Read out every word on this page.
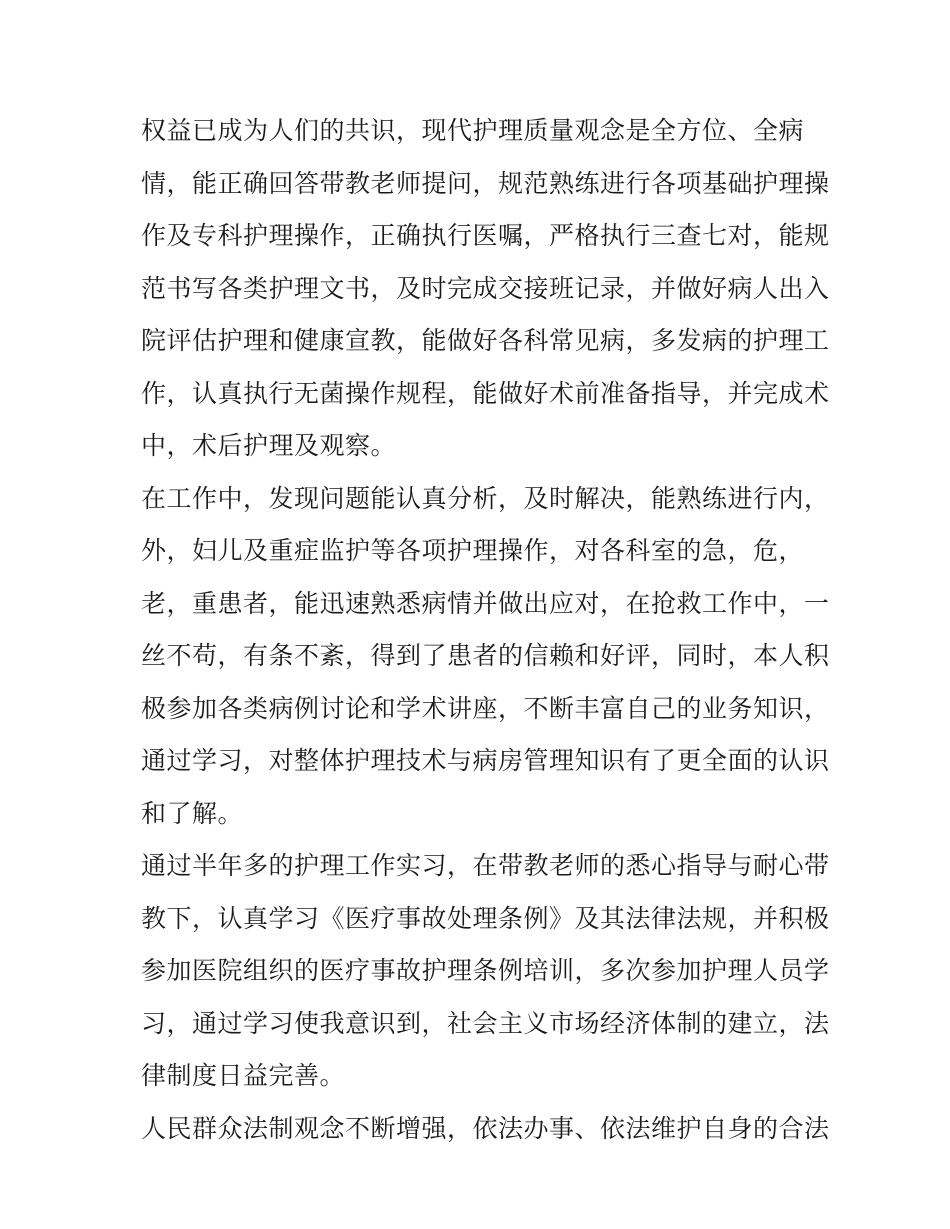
权益已成为人们的共识，现代护理质量观念是全方位、全病
情，能正确回答带教老师提问，规范熟练进行各项基础护理操
作及专科护理操作，正确执行医嘱，严格执行三查七对，能规
范书写各类护理文书，及时完成交接班记录，并做好病人出入
院评估护理和健康宣教，能做好各科常见病，多发病的护理工
作，认真执行无菌操作规程，能做好术前准备指导，并完成术
中，术后护理及观察。
在工作中，发现问题能认真分析，及时解决，能熟练进行内，
外，妇儿及重症监护等各项护理操作，对各科室的急，危，
老，重患者，能迅速熟悉病情并做出应对，在抢救工作中，一
丝不苟，有条不紊，得到了患者的信赖和好评，同时，本人积
极参加各类病例讨论和学术讲座，不断丰富自己的业务知识，
通过学习，对整体护理技术与病房管理知识有了更全面的认识
和了解。
通过半年多的护理工作实习，在带教老师的悉心指导与耐心带
教下，认真学习《医疗事故处理条例》及其法律法规，并积极
参加医院组织的医疗事故护理条例培训，多次参加护理人员学
习，通过学习使我意识到，社会主义市场经济体制的建立，法
律制度日益完善。
人民群众法制观念不断增强，依法办事、依法维护自身的合法
